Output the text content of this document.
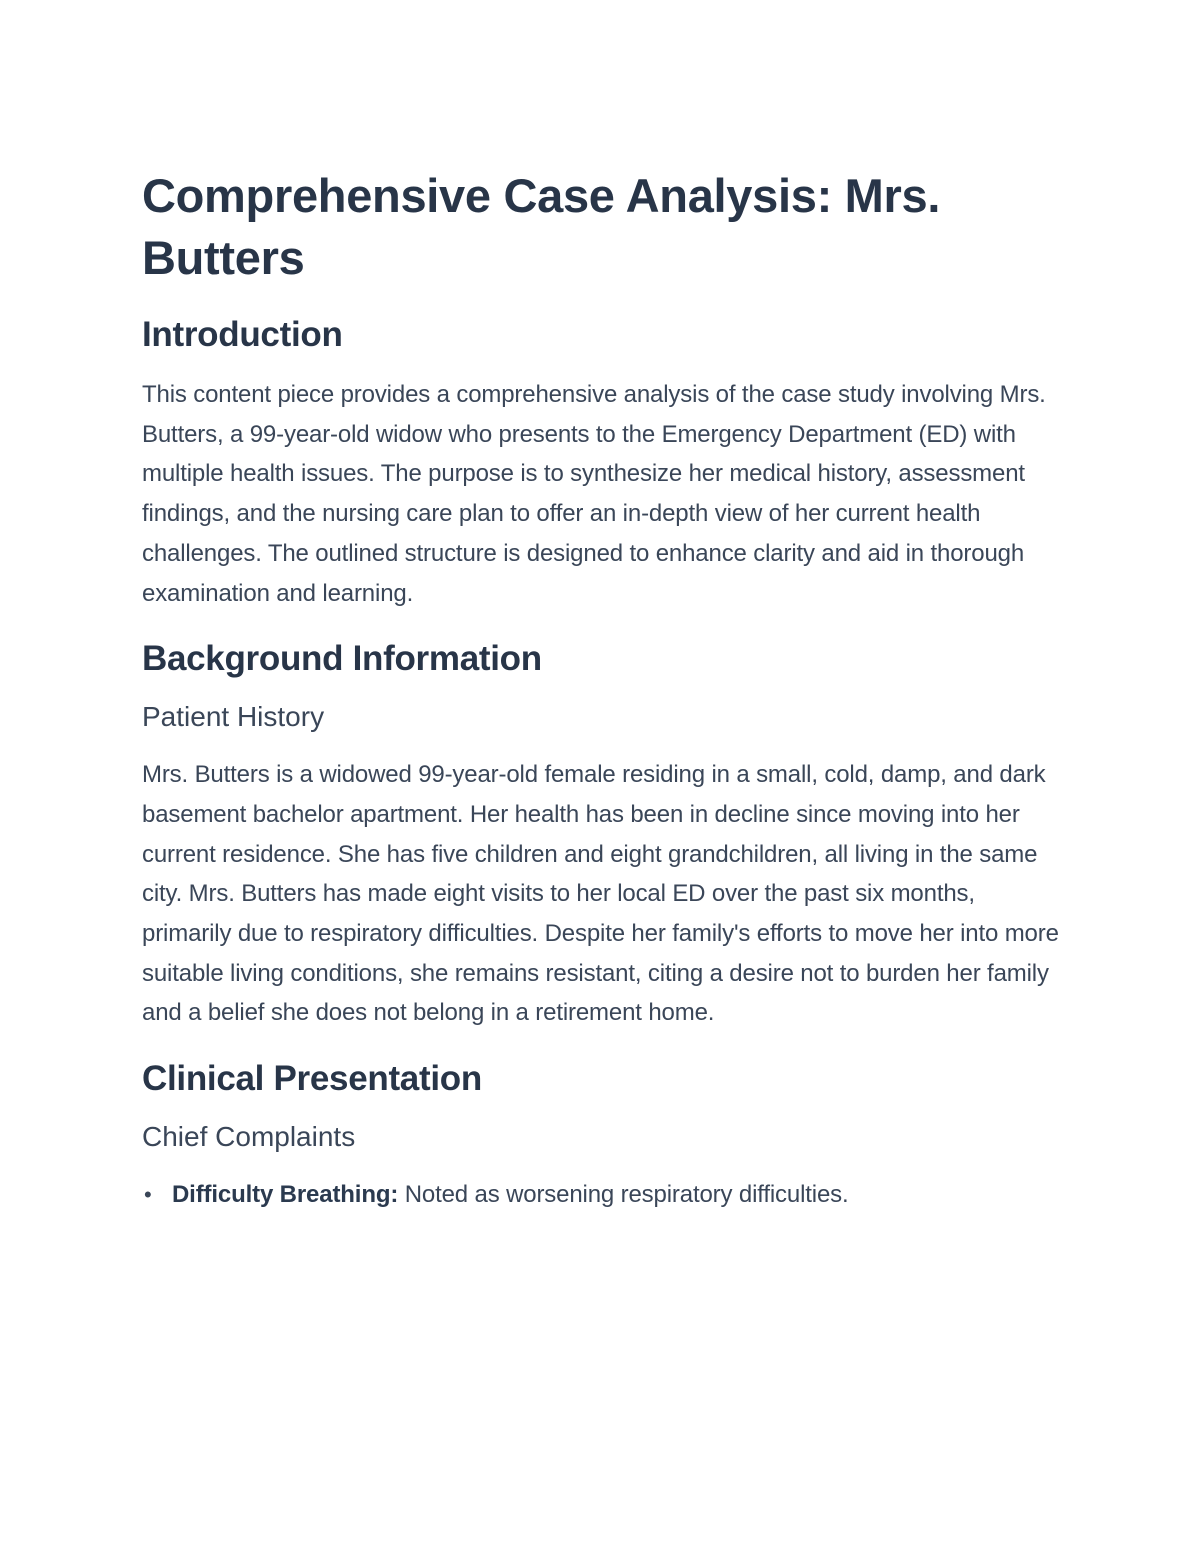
Comprehensive Case Analysis: Mrs. Butters
Introduction

This content piece provides a comprehensive analysis of the case study involving Mrs. Butters, a 99-year-old widow who presents to the Emergency Department (ED) with multiple health issues. The purpose is to synthesize her medical history, assessment findings, and the nursing care plan to offer an in-depth view of her current health challenges. The outlined structure is designed to enhance clarity and aid in thorough examination and learning.

Background Information
Patient History

Mrs. Butters is a widowed 99-year-old female residing in a small, cold, damp, and dark basement bachelor apartment. Her health has been in decline since moving into her current residence. She has five children and eight grandchildren, all living in the same city. Mrs. Butters has made eight visits to her local ED over the past six months, primarily due to respiratory difficulties. Despite her family's efforts to move her into more suitable living conditions, she remains resistant, citing a desire not to burden her family and a belief she does not belong in a retirement home.

Clinical Presentation
Chief Complaints
• Difficulty Breathing: Noted as worsening respiratory difficulties.
